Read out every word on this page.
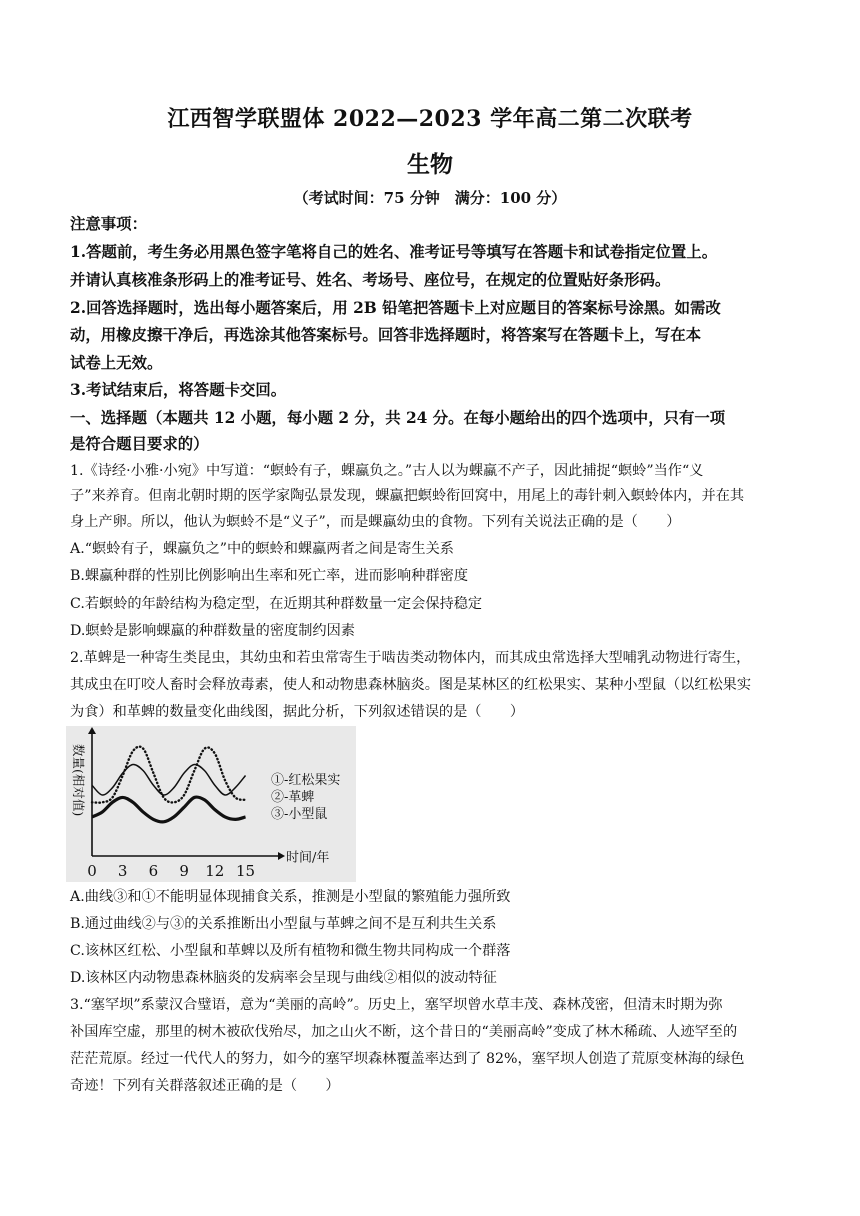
江西智学联盟体 2022—2023 学年高二第二次联考
生物
（考试时间：75 分钟　满分：100 分）
注意事项：
1.答题前，考生务必用黑色签字笔将自己的姓名、准考证号等填写在答题卡和试卷指定位置上。
并请认真核准条形码上的准考证号、姓名、考场号、座位号，在规定的位置贴好条形码。
2.回答选择题时，选出每小题答案后，用 2B 铅笔把答题卡上对应题目的答案标号涂黑。如需改
动，用橡皮擦干净后，再选涂其他答案标号。回答非选择题时，将答案写在答题卡上，写在本
试卷上无效。
3.考试结束后，将答题卡交回。
一、选择题（本题共 12 小题，每小题 2 分，共 24 分。在每小题给出的四个选项中，只有一项
是符合题目要求的）
1.《诗经·小雅·小宛》中写道：“螟蛉有子，蜾蠃负之。”古人以为蜾蠃不产子，因此捕捉“螟蛉”当作“义
子”来养育。但南北朝时期的医学家陶弘景发现，蜾蠃把螟蛉衔回窝中，用尾上的毒针刺入螟蛉体内，并在其
身上产卵。所以，他认为螟蛉不是“义子”，而是蜾蠃幼虫的食物。下列有关说法正确的是（　　）
A.“螟蛉有子，蜾蠃负之”中的螟蛉和蜾蠃两者之间是寄生关系
B.蜾蠃种群的性别比例影响出生率和死亡率，进而影响种群密度
C.若螟蛉的年龄结构为稳定型，在近期其种群数量一定会保持稳定
D.螟蛉是影响蜾蠃的种群数量的密度制约因素
2.革蜱是一种寄生类昆虫，其幼虫和若虫常寄生于啮齿类动物体内，而其成虫常选择大型哺乳动物进行寄生，
其成虫在叮咬人畜时会释放毒素，使人和动物患森林脑炎。图是某林区的红松果实、某种小型鼠（以红松果实
为食）和革蜱的数量变化曲线图，据此分析，下列叙述错误的是（　　）
数量(相对值)
时间/年
0 3 6 9 12 15
①-红松果实
②-革蜱
③-小型鼠
A.曲线③和①不能明显体现捕食关系，推测是小型鼠的繁殖能力强所致
B.通过曲线②与③的关系推断出小型鼠与革蜱之间不是互利共生关系
C.该林区红松、小型鼠和革蜱以及所有植物和微生物共同构成一个群落
D.该林区内动物患森林脑炎的发病率会呈现与曲线②相似的波动特征
3.“塞罕坝”系蒙汉合璧语，意为“美丽的高岭”。历史上，塞罕坝曾水草丰茂、森林茂密，但清末时期为弥
补国库空虚，那里的树木被砍伐殆尽，加之山火不断，这个昔日的“美丽高岭”变成了林木稀疏、人迹罕至的
茫茫荒原。经过一代代人的努力，如今的塞罕坝森林覆盖率达到了 82%，塞罕坝人创造了荒原变林海的绿色
奇迹！下列有关群落叙述正确的是（　　）
